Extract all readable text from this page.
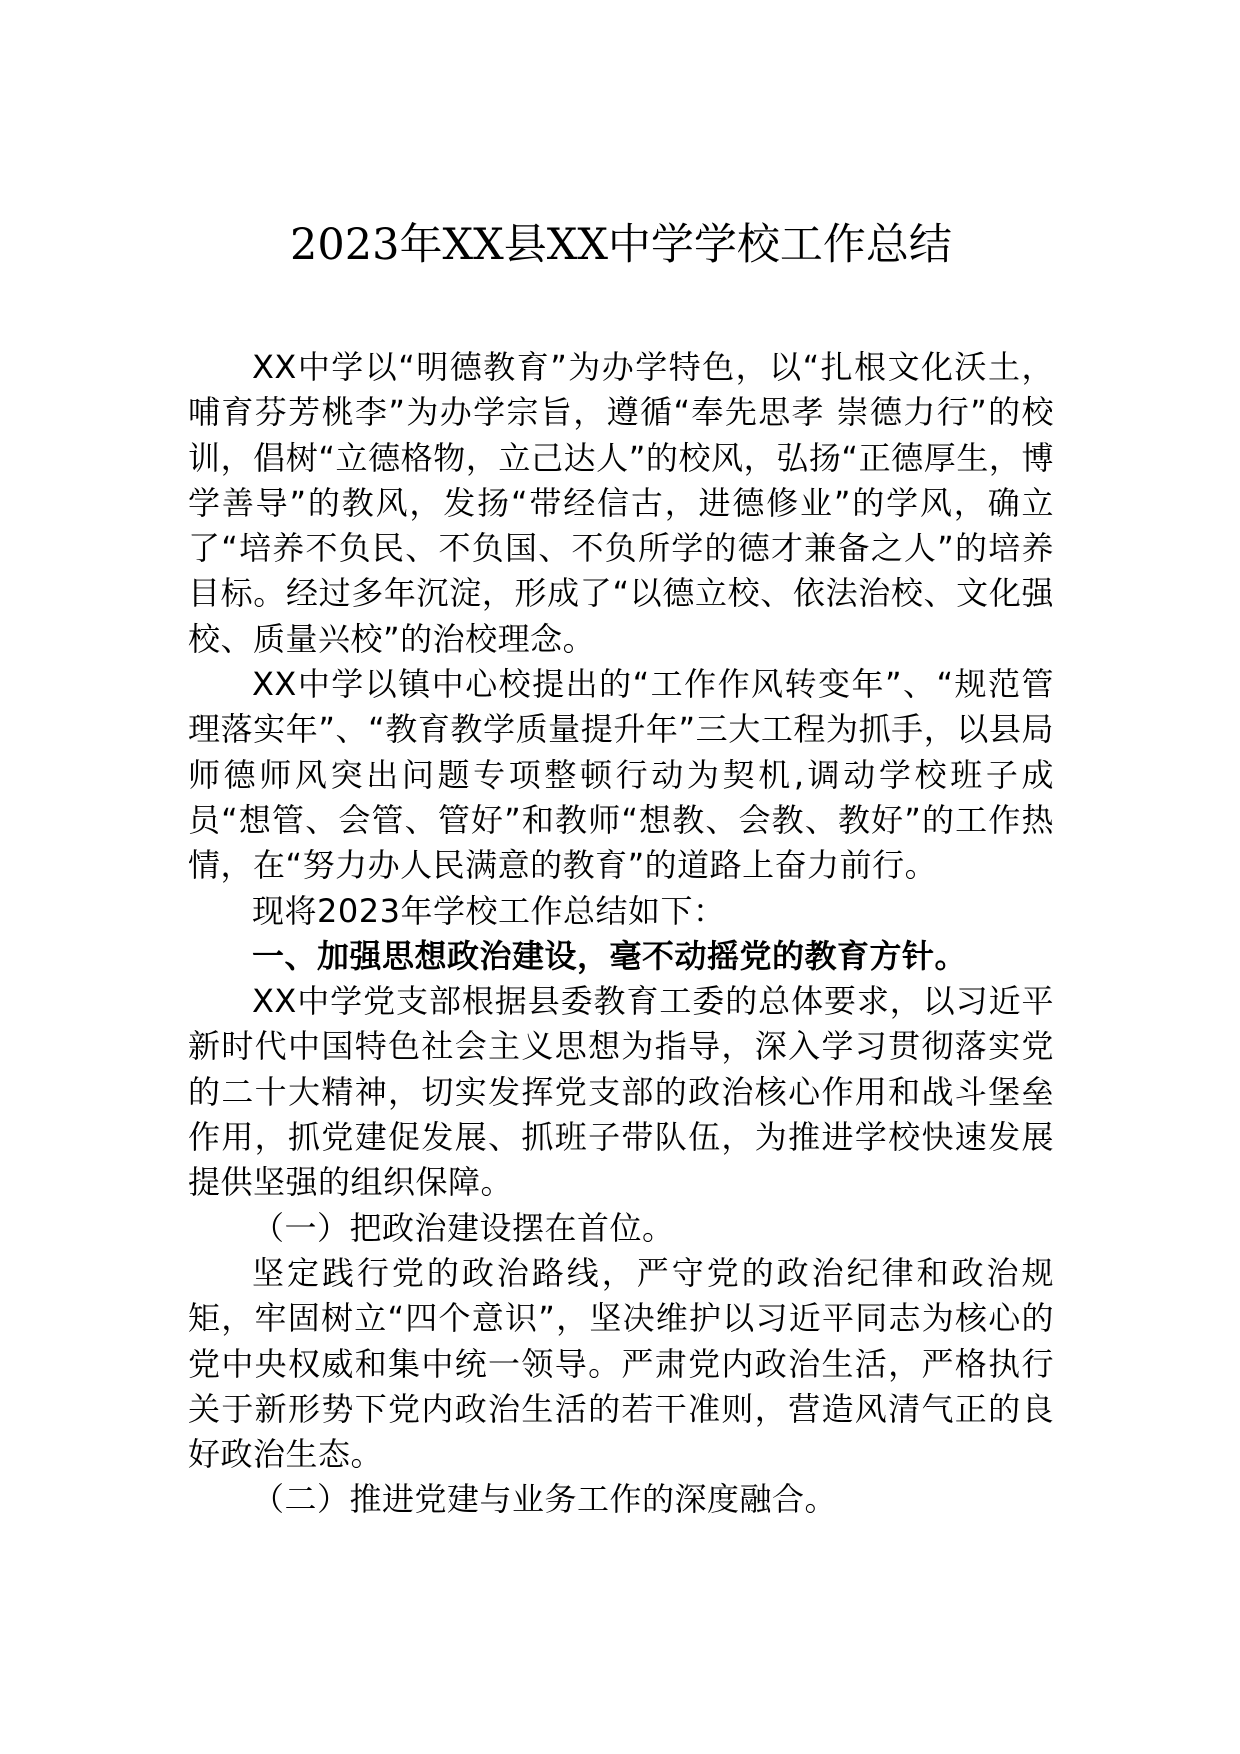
2023年XX县XX中学学校工作总结

XX中学以“明德教育”为办学特色，以“扎根文化沃土，哺育芬芳桃李”为办学宗旨，遵循“奉先思孝 崇德力行”的校训，倡树“立德格物，立己达人”的校风，弘扬“正德厚生，博学善导”的教风，发扬“带经信古，进德修业”的学风，确立了“培养不负民、不负国、不负所学的德才兼备之人”的培养目标。经过多年沉淀，形成了“以德立校、依法治校、文化强校、质量兴校”的治校理念。

XX中学以镇中心校提出的“工作作风转变年”、“规范管理落实年”、“教育教学质量提升年”三大工程为抓手，以县局师德师风突出问题专项整顿行动为契机,调动学校班子成员“想管、会管、管好”和教师“想教、会教、教好”的工作热情，在“努力办人民满意的教育”的道路上奋力前行。

现将2023年学校工作总结如下：

一、加强思想政治建设，毫不动摇党的教育方针。

XX中学党支部根据县委教育工委的总体要求，以习近平新时代中国特色社会主义思想为指导，深入学习贯彻落实党的二十大精神，切实发挥党支部的政治核心作用和战斗堡垒作用，抓党建促发展、抓班子带队伍，为推进学校快速发展提供坚强的组织保障。

（一）把政治建设摆在首位。

坚定践行党的政治路线，严守党的政治纪律和政治规矩，牢固树立“四个意识”，坚决维护以习近平同志为核心的党中央权威和集中统一领导。严肃党内政治生活，严格执行关于新形势下党内政治生活的若干准则，营造风清气正的良好政治生态。

（二）推进党建与业务工作的深度融合。
